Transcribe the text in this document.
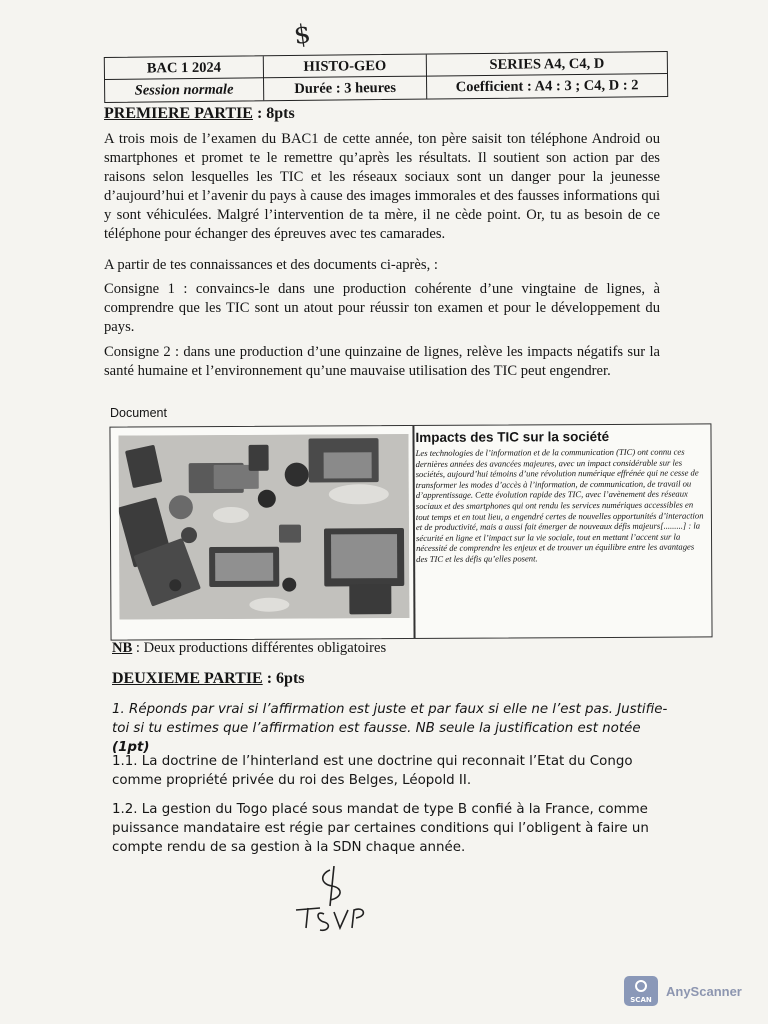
$
BAC 1 2024
Session normale
HISTO-GEO
Durée : 3 heures
SERIES A4, C4, D
Coefficient : A4 : 3 ; C4, D : 2
PREMIERE PARTIE : 8pts
A trois mois de l’examen du BAC1 de cette année, ton père saisit ton téléphone Android ou smartphones et promet te le remettre qu’après les résultats. Il soutient son action par des raisons selon lesquelles les TIC et les réseaux sociaux sont un danger pour la jeunesse d’aujourd’hui et l’avenir du pays à cause des images immorales et des fausses informations qui y sont véhiculées. Malgré l’intervention de ta mère, il ne cède point. Or, tu as besoin de ce téléphone pour échanger des épreuves avec tes camarades.
A partir de tes connaissances et des documents ci-après, :
Consigne 1 : convaincs-le dans une production cohérente d’une vingtaine de lignes, à comprendre que les TIC sont un atout pour réussir ton examen et pour le développement du pays.
Consigne 2 : dans une production d’une quinzaine de lignes, relève les impacts négatifs sur la santé humaine et l’environnement qu’une mauvaise utilisation des TIC peut engendrer.
Document
Impacts des TIC sur la société
Les technologies de l’information et de la communication (TIC) ont connu ces dernières années des avancées majeures, avec un impact considérable sur les sociétés, aujourd’hui témoins d’une révolution numérique effrénée qui ne cesse de transformer les modes d’accès à l’information, de communication, de travail ou d’apprentissage. Cette évolution rapide des TIC, avec l’avènement des réseaux sociaux et des smartphones qui ont rendu les services numériques accessibles en tout temps et en tout lieu, a engendré certes de nouvelles opportunités d’interaction et de productivité, mais a aussi fait émerger de nouveaux défis majeurs[.........] : la sécurité en ligne et l’impact sur la vie sociale, tout en mettant l’accent sur la nécessité de comprendre les enjeux et de trouver un équilibre entre les avantages des TIC et les défis qu’elles posent.
NB : Deux productions différentes obligatoires
DEUXIEME PARTIE : 6pts
1. Réponds par vrai si l’affirmation est juste et par faux si elle ne l’est pas. Justifie-toi si tu estimes que l’affirmation est fausse. NB seule la justification est notée (1pt)
1.1. La doctrine de l’hinterland est une doctrine qui reconnait l’Etat du Congo comme propriété privée du roi des Belges, Léopold II.
1.2. La gestion du Togo placé sous mandat de type B confié à la France, comme puissance mandataire est régie par certaines conditions qui l’obligent à faire un compte rendu de sa gestion à la SDN chaque année.
SCAN
AnyScanner
